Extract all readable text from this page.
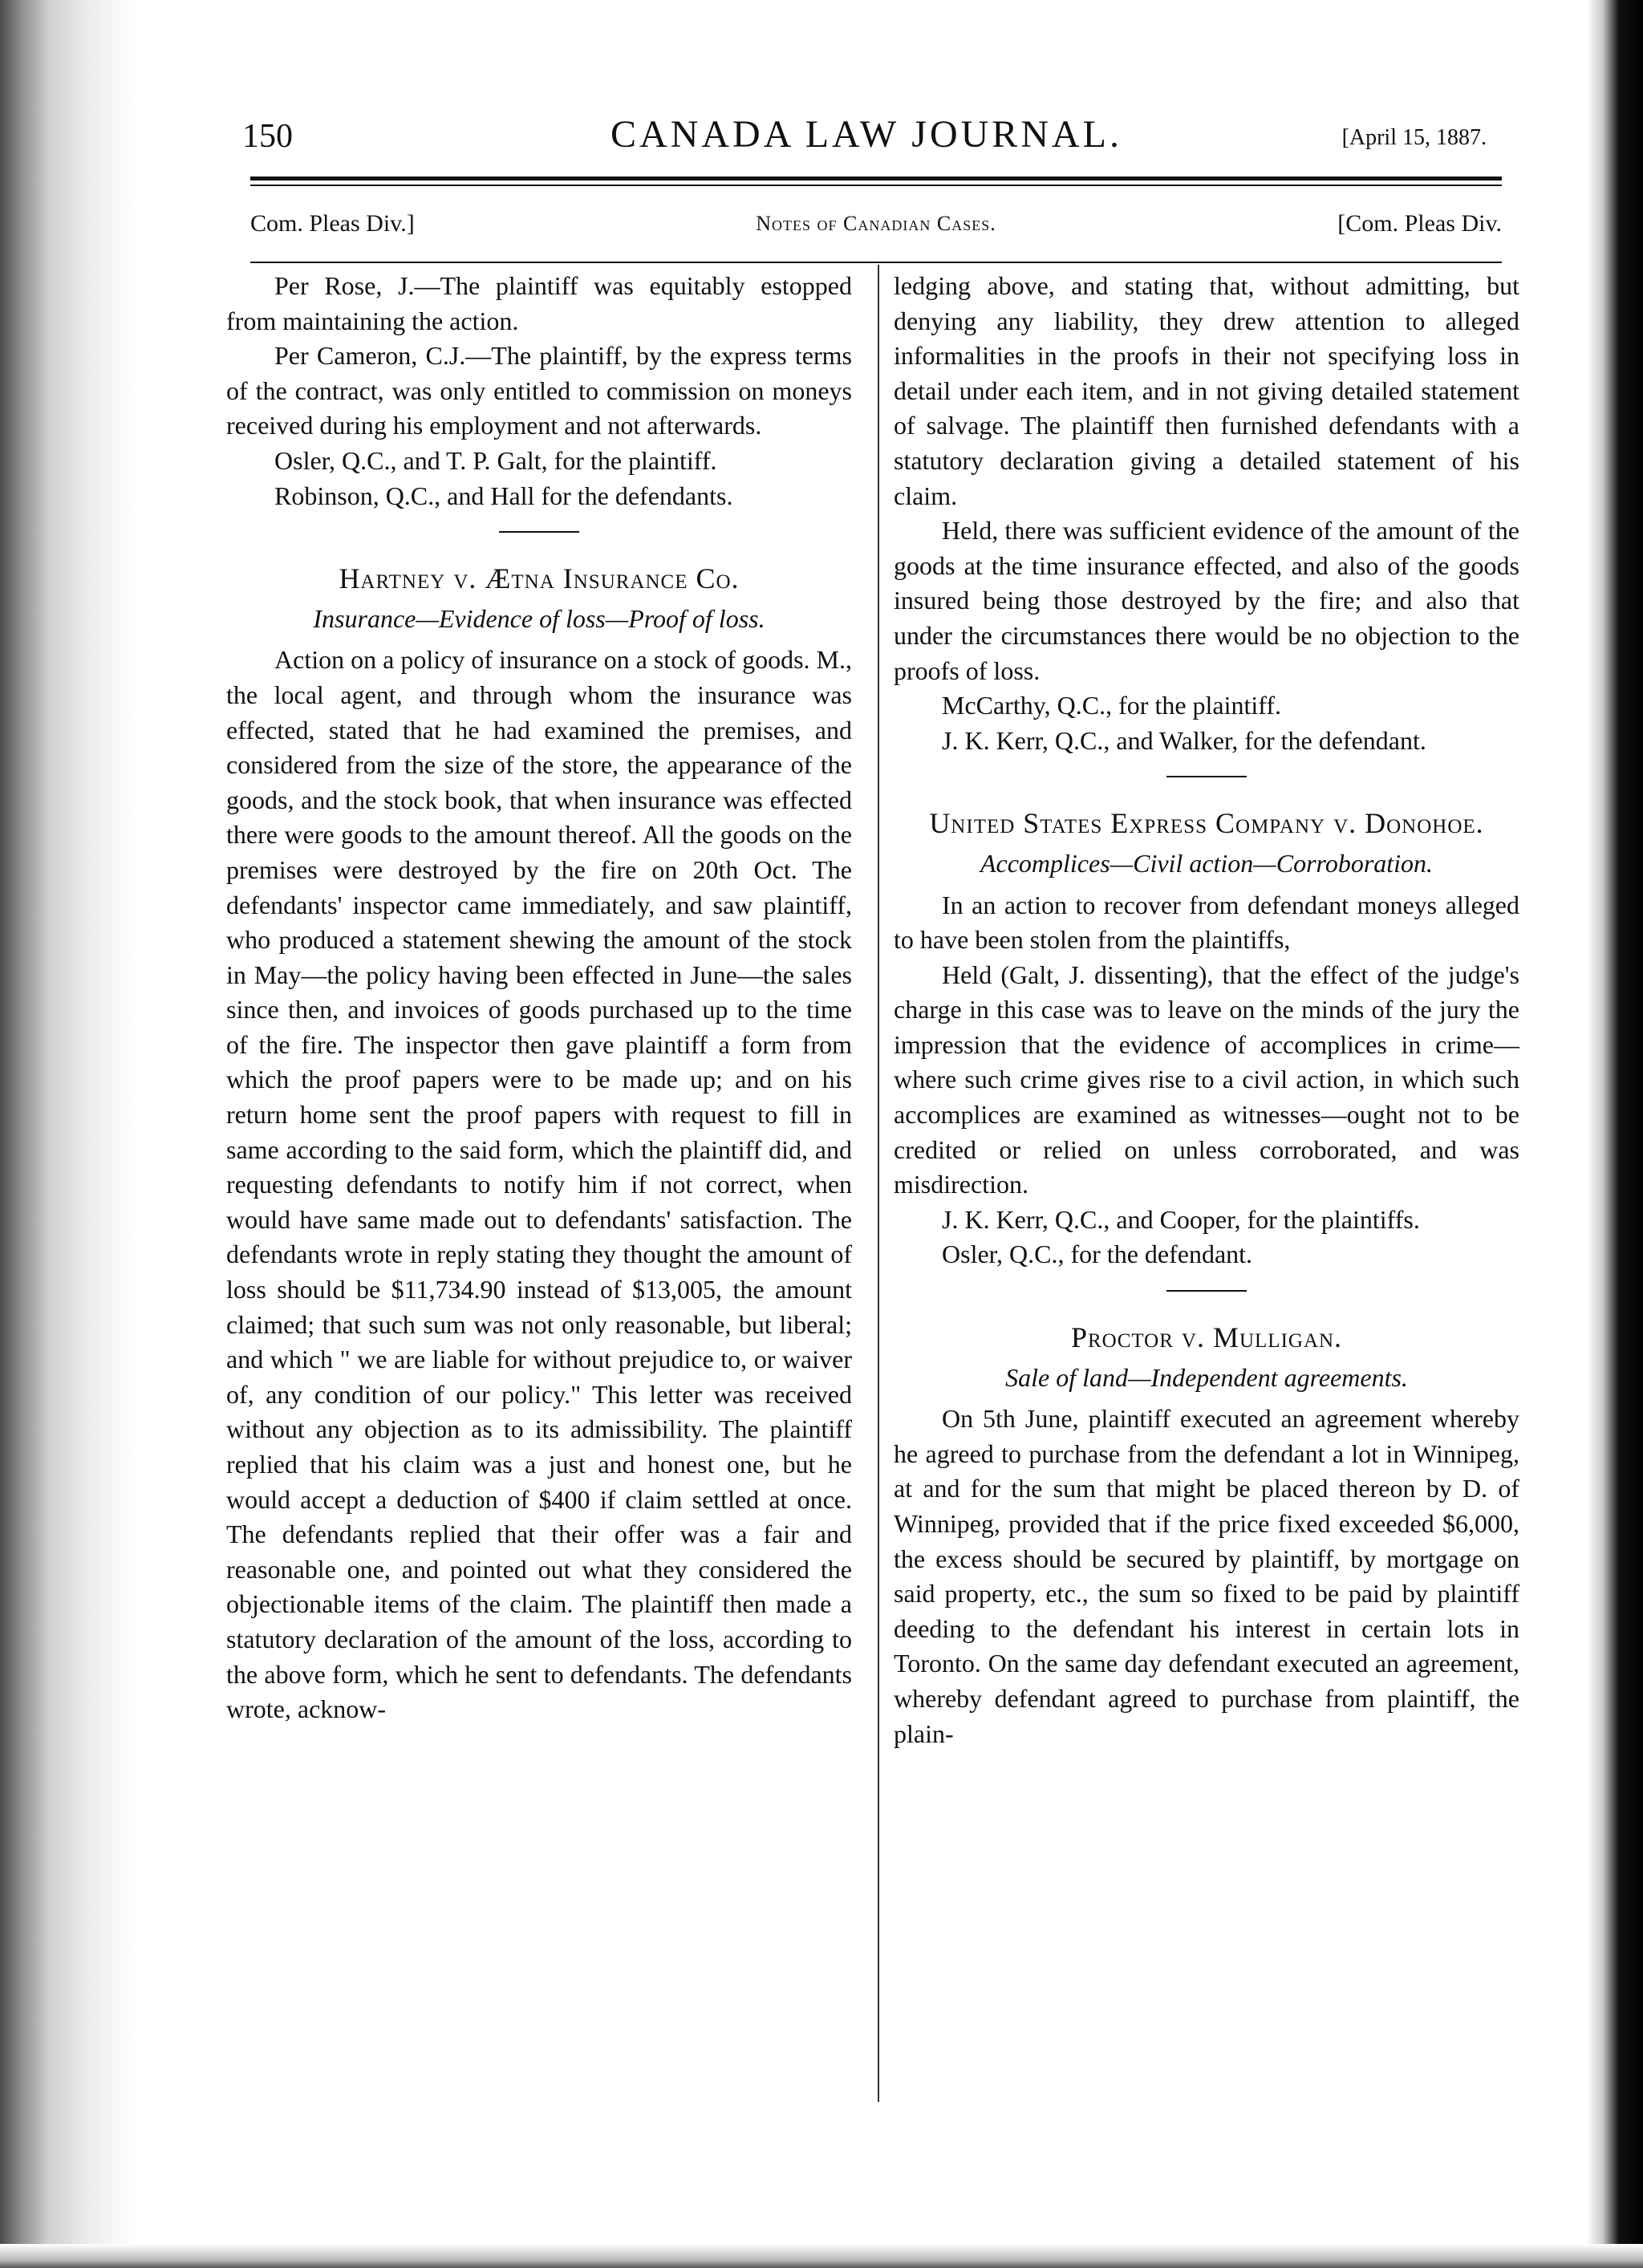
150	CANADA LAW JOURNAL.	[April 15, 1887.
Com. Pleas Div.]	Notes of Canadian Cases.	[Com. Pleas Div.

Per Rose, J.—The plaintiff was equitably estopped from maintaining the action.

Per Cameron, C.J.—The plaintiff, by the express terms of the contract, was only entitled to commission on moneys received during his employment and not afterwards.

Osler, Q.C., and T. P. Galt, for the plaintiff.

Robinson, Q.C., and Hall for the defendants.

Hartney v. Ætna Insurance Co.

Insurance—Evidence of loss—Proof of loss.

Action on a policy of insurance on a stock of goods. M., the local agent, and through whom the insurance was effected, stated that he had examined the premises, and considered from the size of the store, the appearance of the goods, and the stock book, that when insurance was effected there were goods to the amount thereof. All the goods on the premises were destroyed by the fire on 20th Oct. The defendants' inspector came immediately, and saw plaintiff, who produced a statement shewing the amount of the stock in May—the policy having been effected in June—the sales since then, and invoices of goods purchased up to the time of the fire. The inspector then gave plaintiff a form from which the proof papers were to be made up; and on his return home sent the proof papers with request to fill in same according to the said form, which the plaintiff did, and requesting defendants to notify him if not correct, when would have same made out to defendants' satisfaction. The defendants wrote in reply stating they thought the amount of loss should be $11,734.90 instead of $13,005, the amount claimed; that such sum was not only reasonable, but liberal; and which " we are liable for without prejudice to, or waiver of, any condition of our policy." This letter was received without any objection as to its admissibility. The plaintiff replied that his claim was a just and honest one, but he would accept a deduction of $400 if claim settled at once. The defendants replied that their offer was a fair and reasonable one, and pointed out what they considered the objectionable items of the claim. The plaintiff then made a statutory declaration of the amount of the loss, according to the above form, which he sent to defendants. The defendants wrote, acknow-

ledging above, and stating that, without admitting, but denying any liability, they drew attention to alleged informalities in the proofs in their not specifying loss in detail under each item, and in not giving detailed statement of salvage. The plaintiff then furnished defendants with a statutory declaration giving a detailed statement of his claim.

Held, there was sufficient evidence of the amount of the goods at the time insurance effected, and also of the goods insured being those destroyed by the fire; and also that under the circumstances there would be no objection to the proofs of loss.

McCarthy, Q.C., for the plaintiff.

J. K. Kerr, Q.C., and Walker, for the defendant.

United States Express Company v. Donohoe.

Accomplices—Civil action—Corroboration.

In an action to recover from defendant moneys alleged to have been stolen from the plaintiffs,

Held (Galt, J. dissenting), that the effect of the judge's charge in this case was to leave on the minds of the jury the impression that the evidence of accomplices in crime—where such crime gives rise to a civil action, in which such accomplices are examined as witnesses—ought not to be credited or relied on unless corroborated, and was misdirection.

J. K. Kerr, Q.C., and Cooper, for the plaintiffs.

Osler, Q.C., for the defendant.

Proctor v. Mulligan.

Sale of land—Independent agreements.

On 5th June, plaintiff executed an agreement whereby he agreed to purchase from the defendant a lot in Winnipeg, at and for the sum that might be placed thereon by D. of Winnipeg, provided that if the price fixed exceeded $6,000, the excess should be secured by plaintiff, by mortgage on said property, etc., the sum so fixed to be paid by plaintiff deeding to the defendant his interest in certain lots in Toronto. On the same day defendant executed an agreement, whereby defendant agreed to purchase from plaintiff, the plain-
